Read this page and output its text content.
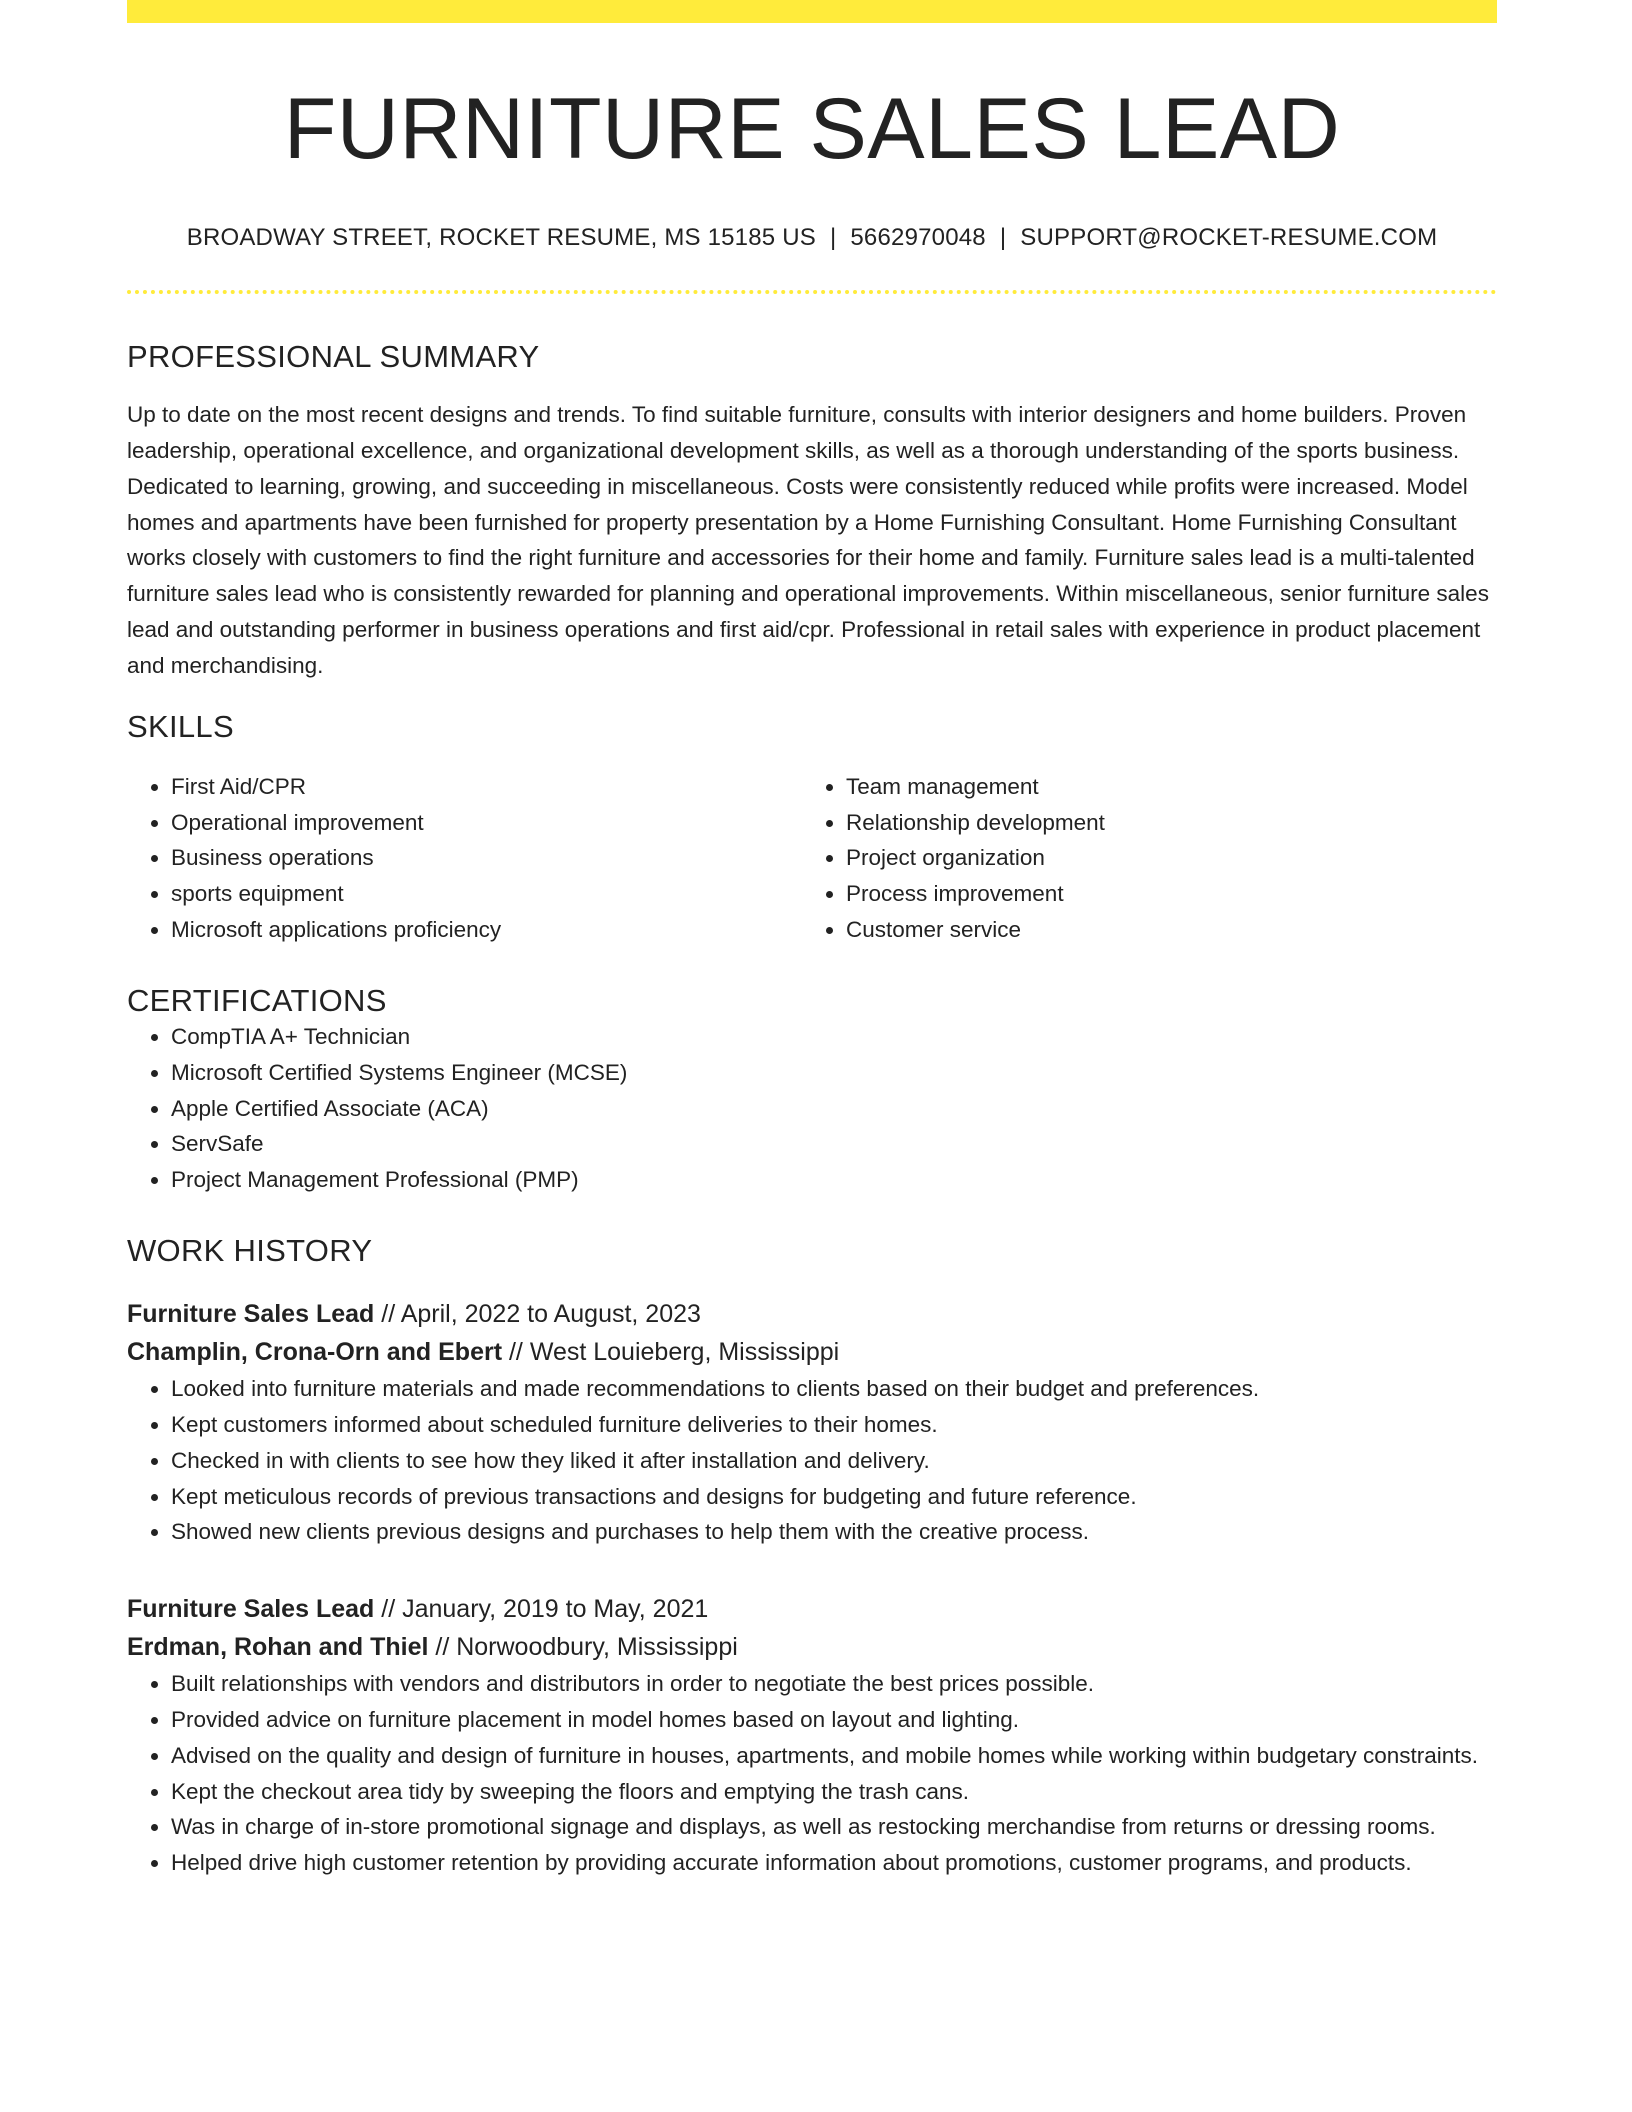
FURNITURE SALES LEAD
BROADWAY STREET, ROCKET RESUME, MS 15185 US | 5662970048 | SUPPORT@ROCKET-RESUME.COM
PROFESSIONAL SUMMARY

Up to date on the most recent designs and trends. To find suitable furniture, consults with interior designers and home builders. Proven leadership, operational excellence, and organizational development skills, as well as a thorough understanding of the sports business. Dedicated to learning, growing, and succeeding in miscellaneous. Costs were consistently reduced while profits were increased. Model homes and apartments have been furnished for property presentation by a Home Furnishing Consultant. Home Furnishing Consultant works closely with customers to find the right furniture and accessories for their home and family. Furniture sales lead is a multi-talented furniture sales lead who is consistently rewarded for planning and operational improvements. Within miscellaneous, senior furniture sales lead and outstanding performer in business operations and first aid/cpr. Professional in retail sales with experience in product placement and merchandising.

SKILLS
• First Aid/CPR
• Operational improvement
• Business operations
• sports equipment
• Microsoft applications proficiency
• Team management
• Relationship development
• Project organization
• Process improvement
• Customer service
CERTIFICATIONS
• CompTIA A+ Technician
• Microsoft Certified Systems Engineer (MCSE)
• Apple Certified Associate (ACA)
• ServSafe
• Project Management Professional (PMP)
WORK HISTORY
Furniture Sales Lead // April, 2022 to August, 2023
Champlin, Crona-Orn and Ebert // West Louieberg, Mississippi
• Looked into furniture materials and made recommendations to clients based on their budget and preferences.
• Kept customers informed about scheduled furniture deliveries to their homes.
• Checked in with clients to see how they liked it after installation and delivery.
• Kept meticulous records of previous transactions and designs for budgeting and future reference.
• Showed new clients previous designs and purchases to help them with the creative process.
Furniture Sales Lead // January, 2019 to May, 2021
Erdman, Rohan and Thiel // Norwoodbury, Mississippi
• Built relationships with vendors and distributors in order to negotiate the best prices possible.
• Provided advice on furniture placement in model homes based on layout and lighting.
• Advised on the quality and design of furniture in houses, apartments, and mobile homes while working within budgetary constraints.
• Kept the checkout area tidy by sweeping the floors and emptying the trash cans.
• Was in charge of in-store promotional signage and displays, as well as restocking merchandise from returns or dressing rooms.
• Helped drive high customer retention by providing accurate information about promotions, customer programs, and products.
